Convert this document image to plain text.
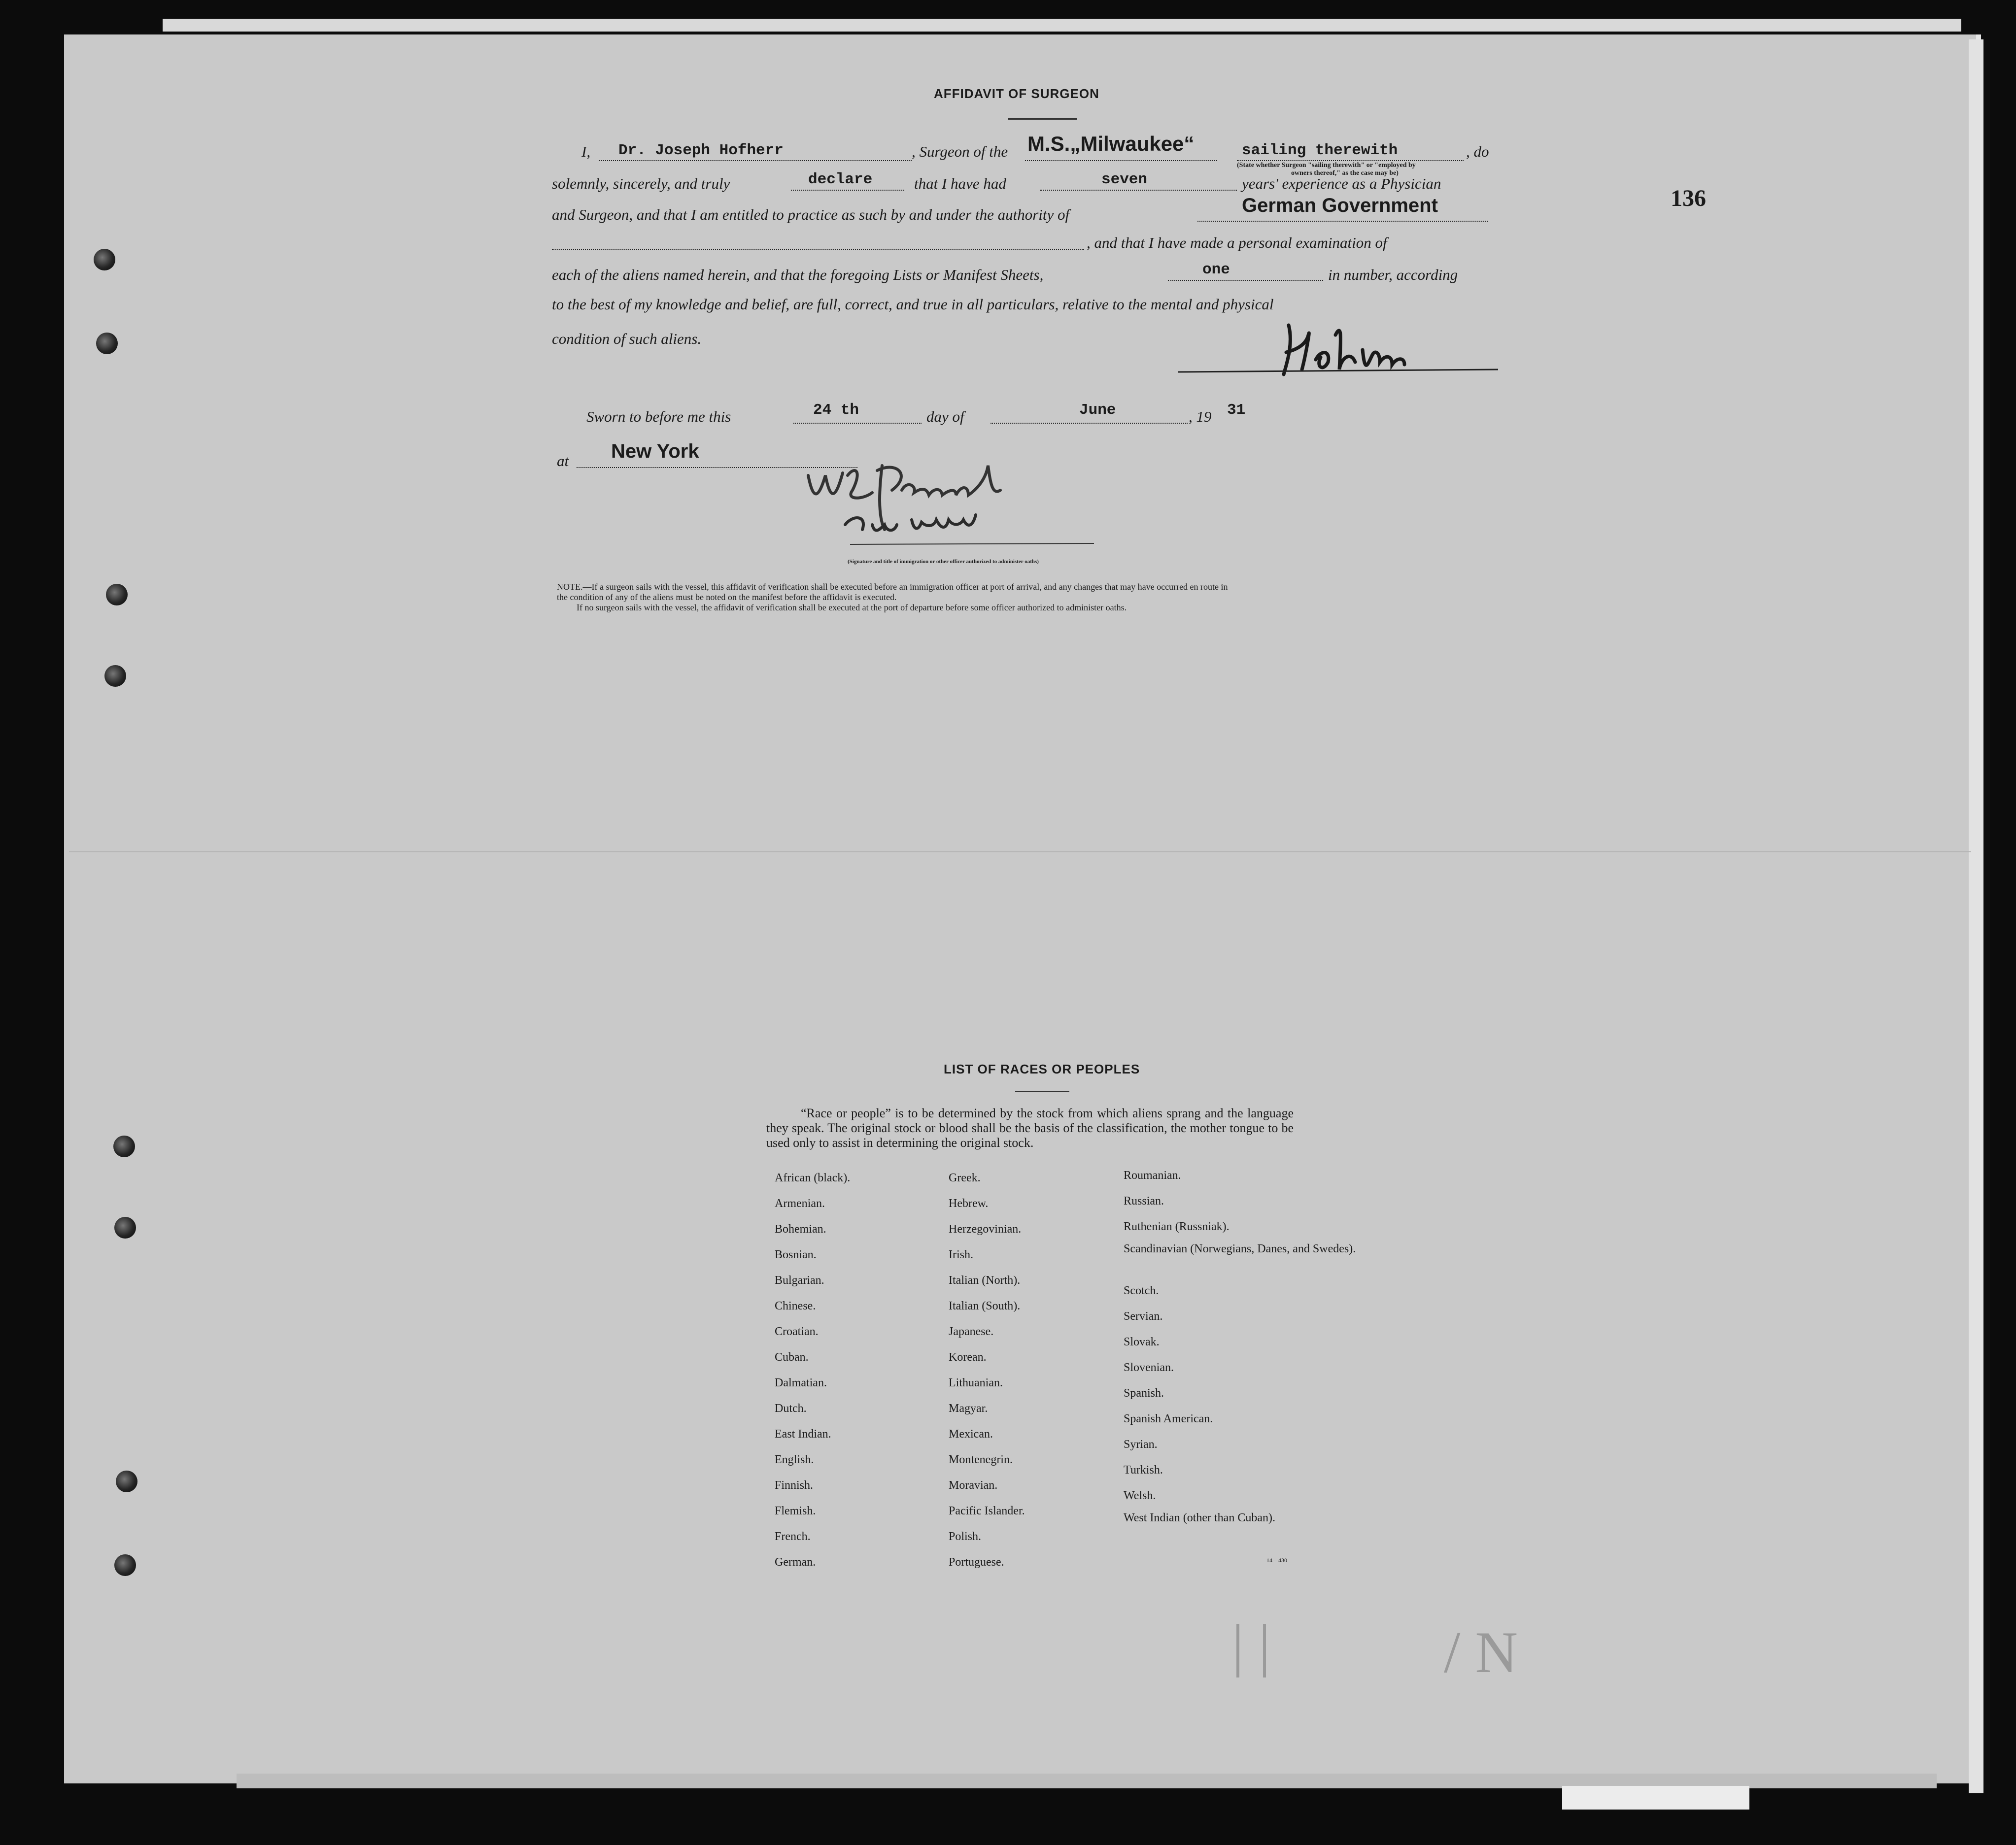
AFFIDAVIT OF SURGEON
I, Dr. Joseph Hofherr	, Surgeon of the M.S.„Milwaukee“	sailing therewith	, do
(State whether Surgeon "sailing therewith" or "employed by
owners thereof," as the case may be)
solemnly, sincerely, and truly	declare	that I have had	seven	years' experience as a Physician
and Surgeon, and that I am entitled to practice as such by and under the authority of	German Government
, and that I have made a personal examination of
each of the aliens named herein, and that the foregoing Lists or Manifest Sheets,	one	in number, according
to the best of my knowledge and belief, are full, correct, and true in all particulars, relative to the mental and physical
condition of such aliens.
Sworn to before me this	24 th	day of	June	, 19 31
at New York
(Signature and title of immigration or other officer authorized to administer oaths)
NOTE.—If a surgeon sails with the vessel, this affidavit of verification shall be executed before an immigration officer at port of arrival, and any changes that may have occurred en route in
the condition of any of the aliens must be noted on the manifest before the affidavit is executed.
If no surgeon sails with the vessel, the affidavit of verification shall be executed at the port of departure before some officer authorized to administer oaths.
136
LIST OF RACES OR PEOPLES
“Race or people” is to be determined by the stock from which aliens sprang and the language they speak. The original stock or blood shall be the basis of the classification, the mother tongue to be used only to assist in determining the original stock.
African (black).
Armenian.
Bohemian.
Bosnian.
Bulgarian.
Chinese.
Croatian.
Cuban.
Dalmatian.
Dutch.
East Indian.
English.
Finnish.
Flemish.
French.
German.
Greek.
Hebrew.
Herzegovinian.
Irish.
Italian (North).
Italian (South).
Japanese.
Korean.
Lithuanian.
Magyar.
Mexican.
Montenegrin.
Moravian.
Pacific Islander.
Polish.
Portuguese.
Roumanian.
Russian.
Ruthenian (Russniak).
Scandinavian (Norwegians, Danes, and Swedes).
Scotch.
Servian.
Slovak.
Slovenian.
Spanish.
Spanish American.
Syrian.
Turkish.
Welsh.
West Indian (other than Cuban).
14—430
| |	/ N
